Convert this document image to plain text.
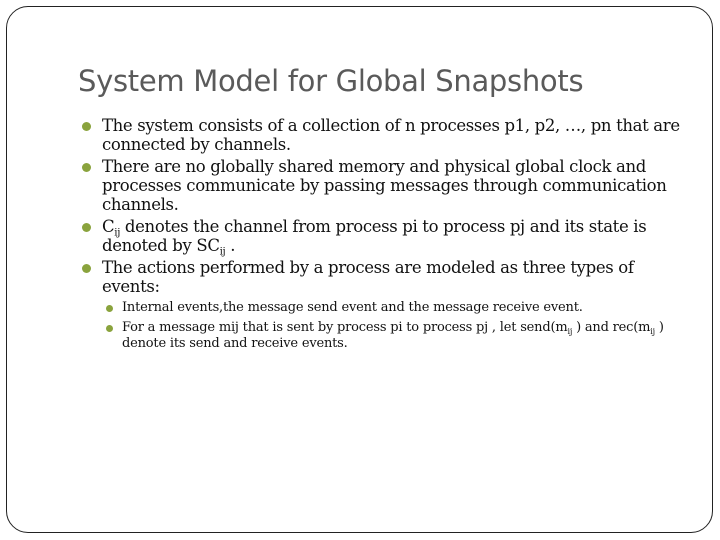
System Model for Global Snapshots
The system consists of a collection of n processes p1, p2, …, pn that are connected by channels.
There are no globally shared memory and physical global clock and processes communicate by passing messages through communication channels.
$C_{ij}$ denotes the channel from process pi to process pj and its state is denoted by $SC_{ij}$ .
The actions performed by a process are modeled as three types of events:
Internal events,the message send event and the message receive event.
For a message mij that is sent by process pi to process pj , let $send(m_{ij}$ ) and $rec(m_{ij}$ ) denote its send and receive events.
